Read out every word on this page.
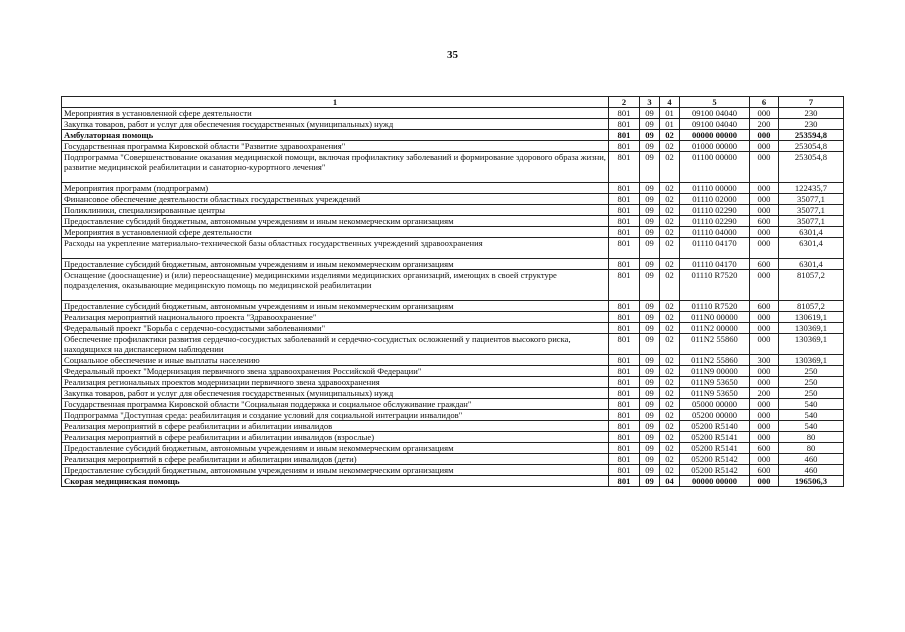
35
1	2	3	4	5	6	7
Мероприятия в установленной сфере деятельности	801	09	01	09100 04040	000	230
Закупка товаров, работ и услуг для обеспечения государственных (муниципальных) нужд	801	09	01	09100 04040	200	230
Амбулаторная помощь	801	09	02	00000 00000	000	253594,8
Государственная программа Кировской области "Развитие здравоохранения"	801	09	02	01000 00000	000	253054,8
Подпрограмма "Совершенствование оказания медицинской помощи, включая профилактику заболеваний и формирование здорового образа жизни, развитие медицинской реабилитации и санаторно-курортного лечения"	801	09	02	01100 00000	000	253054,8
Мероприятия программ (подпрограмм)	801	09	02	01110 00000	000	122435,7
Финансовое обеспечение деятельности областных государственных учреждений	801	09	02	01110 02000	000	35077,1
Поликлиники, специализированные центры	801	09	02	01110 02290	000	35077,1
Предоставление субсидий бюджетным, автономным учреждениям и иным некоммерческим организациям	801	09	02	01110 02290	600	35077,1
Мероприятия в установленной сфере деятельности	801	09	02	01110 04000	000	6301,4
Расходы на укрепление материально-технической базы областных государственных учреждений здравоохранения	801	09	02	01110 04170	000	6301,4
Предоставление субсидий бюджетным, автономным учреждениям и иным некоммерческим организациям	801	09	02	01110 04170	600	6301,4
Оснащение (дооснащение) и (или) переоснащение) медицинскими изделиями медицинских организаций, имеющих в своей структуре подразделения, оказывающие медицинскую помощь по медицинской реабилитации	801	09	02	01110 R7520	000	81057,2
Предоставление субсидий бюджетным, автономным учреждениям и иным некоммерческим организациям	801	09	02	01110 R7520	600	81057,2
Реализация мероприятий национального проекта "Здравоохранение"	801	09	02	011N0 00000	000	130619,1
Федеральный проект "Борьба с сердечно-сосудистыми заболеваниями"	801	09	02	011N2 00000	000	130369,1
Обеспечение профилактики развития сердечно-сосудистых заболеваний и сердечно-сосудистых осложнений у пациентов высокого риска, находящихся на диспансерном наблюдении	801	09	02	011N2 55860	000	130369,1
Социальное обеспечение и иные выплаты населению	801	09	02	011N2 55860	300	130369,1
Федеральный проект "Модернизация первичного звена здравоохранения Российской Федерации"	801	09	02	011N9 00000	000	250
Реализация региональных проектов модернизации первичного звена здравоохранения	801	09	02	011N9 53650	000	250
Закупка товаров, работ и услуг для обеспечения государственных (муниципальных) нужд	801	09	02	011N9 53650	200	250
Государственная программа Кировской области "Социальная поддержка и социальное обслуживание граждан"	801	09	02	05000 00000	000	540
Подпрограмма "Доступная среда: реабилитация и создание условий для социальной интеграции инвалидов"	801	09	02	05200 00000	000	540
Реализация мероприятий в сфере реабилитации и абилитации инвалидов	801	09	02	05200 R5140	000	540
Реализация мероприятий в сфере реабилитации и абилитации инвалидов (взрослые)	801	09	02	05200 R5141	000	80
Предоставление субсидий бюджетным, автономным учреждениям и иным некоммерческим организациям	801	09	02	05200 R5141	600	80
Реализация мероприятий в сфере реабилитации и абилитации инвалидов (дети)	801	09	02	05200 R5142	000	460
Предоставление субсидий бюджетным, автономным учреждениям и иным некоммерческим организациям	801	09	02	05200 R5142	600	460
Скорая медицинская помощь	801	09	04	00000 00000	000	196506,3
